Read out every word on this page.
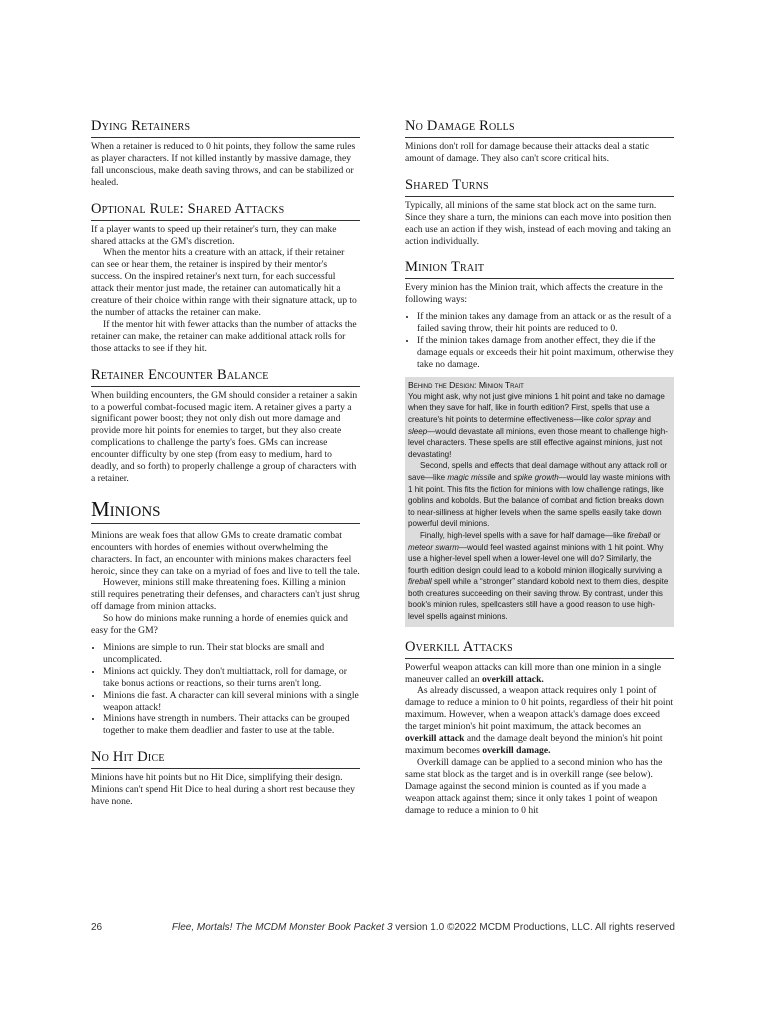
Dying Retainers

When a retainer is reduced to 0 hit points, they follow the same rules as player characters. If not killed instantly by massive damage, they fall unconscious, make death saving throws, and can be stabilized or healed.

Optional Rule: Shared Attacks

If a player wants to speed up their retainer's turn, they can make shared attacks at the GM's discretion.

When the mentor hits a creature with an attack, if their retainer can see or hear them, the retainer is inspired by their mentor's success. On the inspired retainer's next turn, for each successful attack their mentor just made, the retainer can automatically hit a creature of their choice within range with their signature attack, up to the number of attacks the retainer can make.

If the mentor hit with fewer attacks than the number of attacks the retainer can make, the retainer can make additional attack rolls for those attacks to see if they hit.

Retainer Encounter Balance

When building encounters, the GM should consider a retainer a sakin to a powerful combat-focused magic item. A retainer gives a party a significant power boost; they not only dish out more damage and provide more hit points for enemies to target, but they also create complications to challenge the party's foes. GMs can increase encounter difficulty by one step (from easy to medium, hard to deadly, and so forth) to properly challenge a group of characters with a retainer.

Minions

Minions are weak foes that allow GMs to create dramatic combat encounters with hordes of enemies without overwhelming the characters. In fact, an encounter with minions makes characters feel heroic, since they can take on a myriad of foes and live to tell the tale.

However, minions still make threatening foes. Killing a minion still requires penetrating their defenses, and characters can't just shrug off damage from minion attacks.

So how do minions make running a horde of enemies quick and easy for the GM?

• Minions are simple to run. Their stat blocks are small and uncomplicated.
• Minions act quickly. They don't multiattack, roll for damage, or take bonus actions or reactions, so their turns aren't long.
• Minions die fast. A character can kill several minions with a single weapon attack!
• Minions have strength in numbers. Their attacks can be grouped together to make them deadlier and faster to use at the table.
No Hit Dice

Minions have hit points but no Hit Dice, simplifying their design. Minions can't spend Hit Dice to heal during a short rest because they have none.

No Damage Rolls

Minions don't roll for damage because their attacks deal a static amount of damage. They also can't score critical hits.

Shared Turns

Typically, all minions of the same stat block act on the same turn. Since they share a turn, the minions can each move into position then each use an action if they wish, instead of each moving and taking an action individually.

Minion Trait

Every minion has the Minion trait, which affects the creature in the following ways:

• If the minion takes any damage from an attack or as the result of a failed saving throw, their hit points are reduced to 0.
• If the minion takes damage from another effect, they die if the damage equals or exceeds their hit point maximum, otherwise they take no damage.
Behind the Design: Minion Trait

You might ask, why not just give minions 1 hit point and take no damage when they save for half, like in fourth edition? First, spells that use a creature's hit points to determine effectiveness—like color spray and sleep—would devastate all minions, even those meant to challenge high-level characters. These spells are still effective against minions, just not devastating!

Second, spells and effects that deal damage without any attack roll or save—like magic missile and spike growth—would lay waste minions with 1 hit point. This fits the fiction for minions with low challenge ratings, like goblins and kobolds. But the balance of combat and fiction breaks down to near-silliness at higher levels when the same spells easily take down powerful devil minions.

Finally, high-level spells with a save for half damage—like fireball or meteor swarm—would feel wasted against minions with 1 hit point. Why use a higher-level spell when a lower-level one will do? Similarly, the fourth edition design could lead to a kobold minion illogically surviving a fireball spell while a “stronger” standard kobold next to them dies, despite both creatures succeeding on their saving throw. By contrast, under this book's minion rules, spellcasters still have a good reason to use high-level spells against minions.

Overkill Attacks

Powerful weapon attacks can kill more than one minion in a single maneuver called an overkill attack.

As already discussed, a weapon attack requires only 1 point of damage to reduce a minion to 0 hit points, regardless of their hit point maximum. However, when a weapon attack's damage does exceed the target minion's hit point maximum, the attack becomes an overkill attack and the damage dealt beyond the minion's hit point maximum becomes overkill damage.

Overkill damage can be applied to a second minion who has the same stat block as the target and is in overkill range (see below). Damage against the second minion is counted as if you made a weapon attack against them; since it only takes 1 point of weapon damage to reduce a minion to 0 hit

26	Flee, Mortals! The MCDM Monster Book Packet 3 version 1.0 ©2022 MCDM Productions, LLC. All rights reserved
